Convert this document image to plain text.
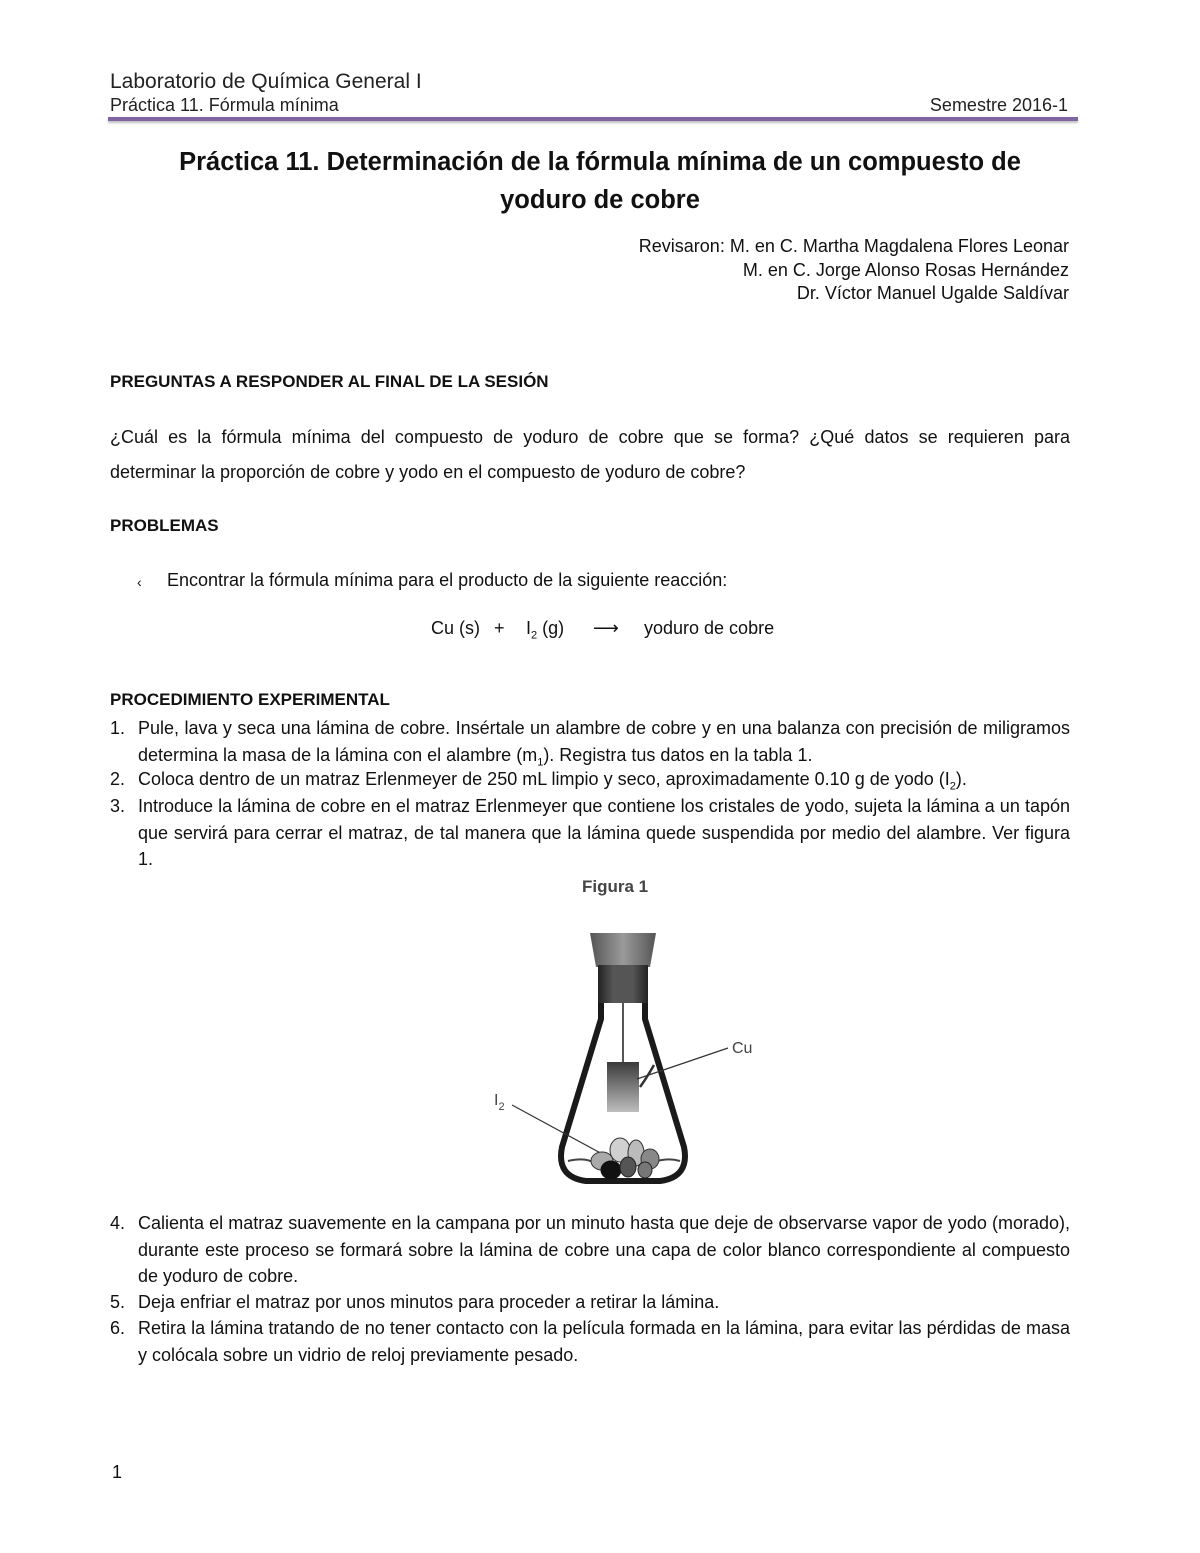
Laboratorio de Química General I
Práctica 11. Fórmula mínima	Semestre 2016-1
Práctica 11. Determinación de la fórmula mínima de un compuesto de
yoduro de cobre
Revisaron: M. en C. Martha Magdalena Flores Leonar
M. en C. Jorge Alonso Rosas Hernández
Dr. Víctor Manuel Ugalde Saldívar
PREGUNTAS A RESPONDER AL FINAL DE LA SESIÓN
¿Cuál es la fórmula mínima del compuesto de yoduro de cobre que se forma? ¿Qué datos se requieren para
determinar la proporción de cobre y yodo en el compuesto de yoduro de cobre?
PROBLEMAS
‹ Encontrar la fórmula mínima para el producto de la siguiente reacción:
Cu $(s) + I_2$ (g) ⟶ yoduro de cobre
PROCEDIMIENTO EXPERIMENTAL
1. Pule, lava y seca una lámina de cobre. Insértale un alambre de cobre y en una balanza con precisión de miligramos determina la masa de la lámina con el alambre $(m_1)$. Registra tus datos en la tabla 1.
2. Coloca dentro de un matraz Erlenmeyer de 250 mL limpio y seco, aproximadamente 0.10 g de yodo $(I_2)$.
3. Introduce la lámina de cobre en el matraz Erlenmeyer que contiene los cristales de yodo, sujeta la lámina a un tapón que servirá para cerrar el matraz, de tal manera que la lámina quede suspendida por medio del alambre. Ver figura 1.
Figura 1
Cu
$I_2$
4. Calienta el matraz suavemente en la campana por un minuto hasta que deje de observarse vapor de yodo (morado), durante este proceso se formará sobre la lámina de cobre una capa de color blanco correspondiente al compuesto de yoduro de cobre.
5. Deja enfriar el matraz por unos minutos para proceder a retirar la lámina.
6. Retira la lámina tratando de no tener contacto con la película formada en la lámina, para evitar las pérdidas de masa y colócala sobre un vidrio de reloj previamente pesado.
1
